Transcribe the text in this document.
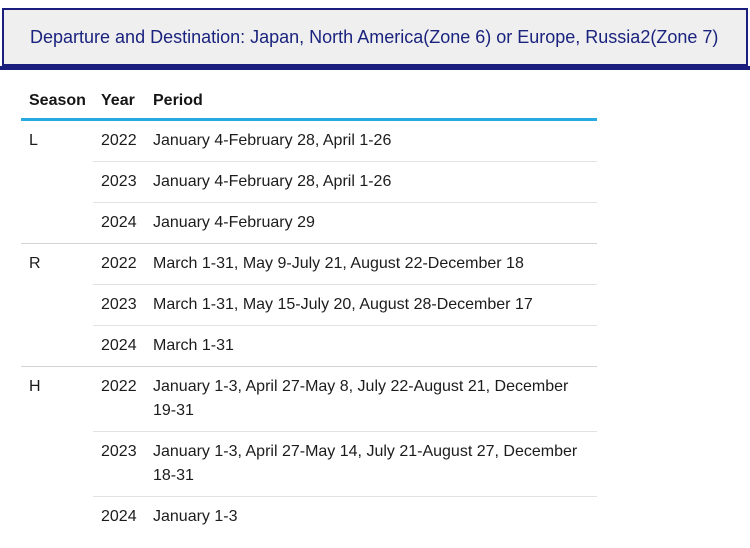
Departure and Destination: Japan, North America(Zone 6) or Europe, Russia2(Zone 7)
Season	Year	Period
L	2022	January 4-February 28, April 1-26
	2023	January 4-February 28, April 1-26
	2024	January 4-February 29
R	2022	March 1-31, May 9-July 21, August 22-December 18
	2023	March 1-31, May 15-July 20, August 28-December 17
	2024	March 1-31
H	2022	January 1-3, April 27-May 8, July 22-August 21, December 19-31
	2023	January 1-3, April 27-May 14, July 21-August 27, December 18-31
	2024	January 1-3
